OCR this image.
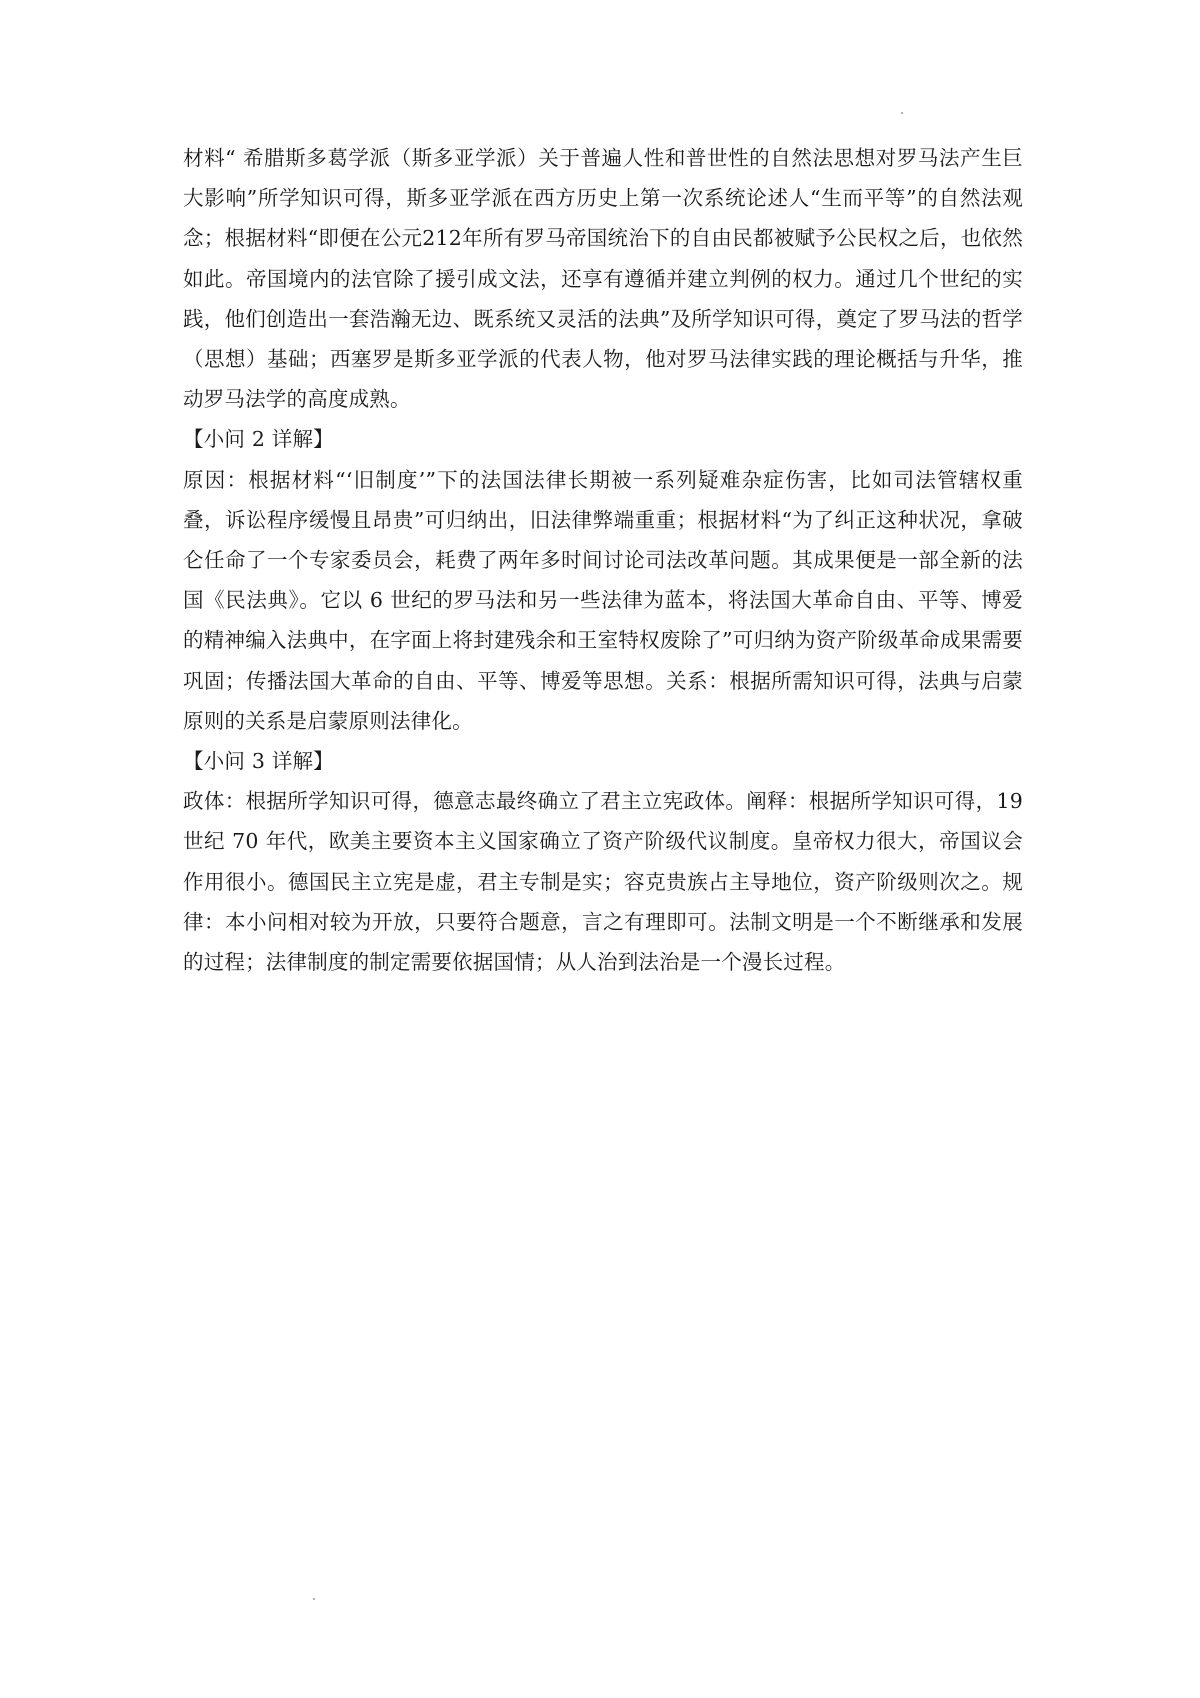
材料“ 希腊斯多葛学派（斯多亚学派）关于普遍人性和普世性的自然法思想对罗马法产生巨大影响”所学知识可得，斯多亚学派在西方历史上第一次系统论述人“生而平等”的自然法观念；根据材料“即便在公元212年所有罗马帝国统治下的自由民都被赋予公民权之后，也依然如此。帝国境内的法官除了援引成文法，还享有遵循并建立判例的权力。通过几个世纪的实践，他们创造出一套浩瀚无边、既系统又灵活的法典”及所学知识可得，奠定了罗马法的哲学（思想）基础；西塞罗是斯多亚学派的代表人物，他对罗马法律实践的理论概括与升华，推动罗马法学的高度成熟。

【小问 2 详解】

原因：根据材料“‘旧制度’”下的法国法律长期被一系列疑难杂症伤害，比如司法管辖权重叠，诉讼程序缓慢且昂贵”可归纳出，旧法律弊端重重；根据材料“为了纠正这种状况，拿破仑任命了一个专家委员会，耗费了两年多时间讨论司法改革问题。其成果便是一部全新的法国《民法典》。它以 6 世纪的罗马法和另一些法律为蓝本，将法国大革命自由、平等、博爱的精神编入法典中，在字面上将封建残余和王室特权废除了”可归纳为资产阶级革命成果需要巩固；传播法国大革命的自由、平等、博爱等思想。关系：根据所需知识可得，法典与启蒙原则的关系是启蒙原则法律化。

【小问 3 详解】

政体：根据所学知识可得，德意志最终确立了君主立宪政体。阐释：根据所学知识可得，19世纪 70 年代，欧美主要资本主义国家确立了资产阶级代议制度。皇帝权力很大，帝国议会作用很小。德国民主立宪是虚，君主专制是实；容克贵族占主导地位，资产阶级则次之。规律：本小问相对较为开放，只要符合题意，言之有理即可。法制文明是一个不断继承和发展的过程；法律制度的制定需要依据国情；从人治到法治是一个漫长过程。
